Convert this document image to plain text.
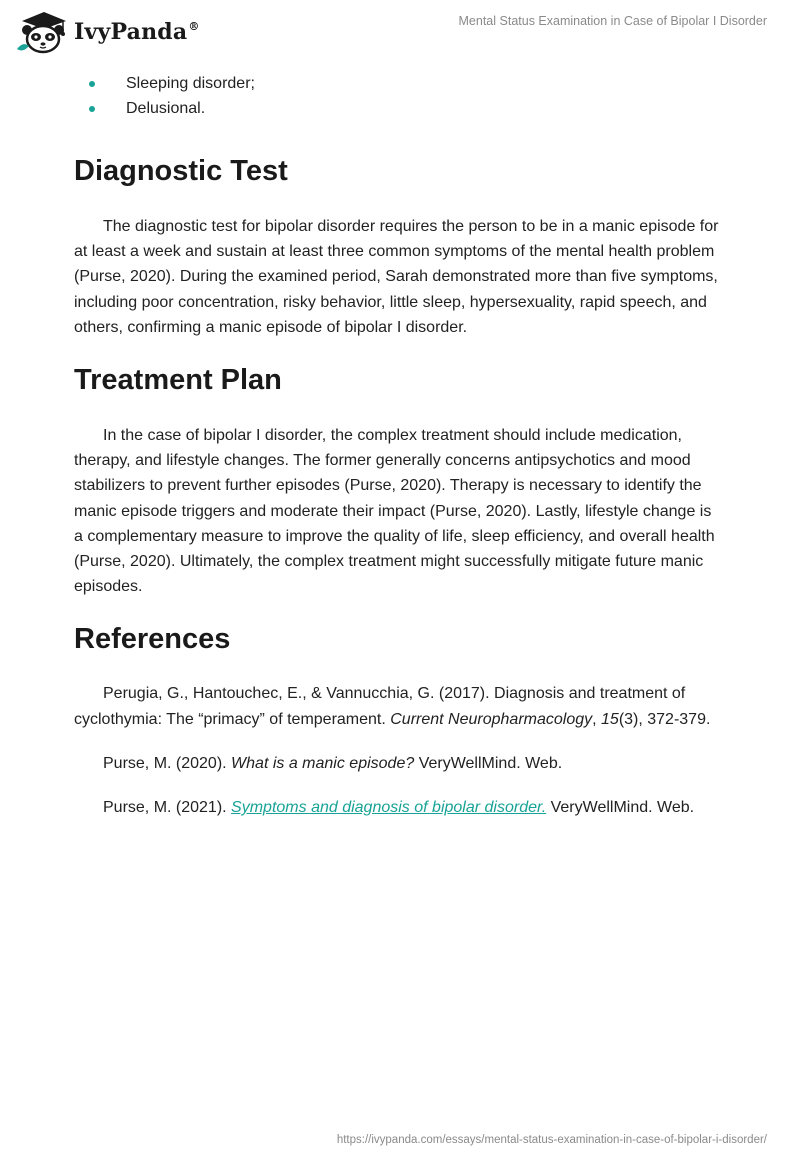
IvyPanda®	Mental Status Examination in Case of Bipolar I Disorder
Sleeping disorder;
Delusional.
Diagnostic Test

The diagnostic test for bipolar disorder requires the person to be in a manic episode for at least a week and sustain at least three common symptoms of the mental health problem (Purse, 2020). During the examined period, Sarah demonstrated more than five symptoms, including poor concentration, risky behavior, little sleep, hypersexuality, rapid speech, and others, confirming a manic episode of bipolar I disorder.

Treatment Plan

In the case of bipolar I disorder, the complex treatment should include medication, therapy, and lifestyle changes. The former generally concerns antipsychotics and mood stabilizers to prevent further episodes (Purse, 2020). Therapy is necessary to identify the manic episode triggers and moderate their impact (Purse, 2020). Lastly, lifestyle change is a complementary measure to improve the quality of life, sleep efficiency, and overall health (Purse, 2020). Ultimately, the complex treatment might successfully mitigate future manic episodes.

References

Perugia, G., Hantouchec, E., & Vannucchia, G. (2017). Diagnosis and treatment of cyclothymia: The “primacy” of temperament. Current Neuropharmacology, 15(3), 372-379.

Purse, M. (2020). What is a manic episode? VeryWellMind. Web.

Purse, M. (2021). Symptoms and diagnosis of bipolar disorder. VeryWellMind. Web.

https://ivypanda.com/essays/mental-status-examination-in-case-of-bipolar-i-disorder/
